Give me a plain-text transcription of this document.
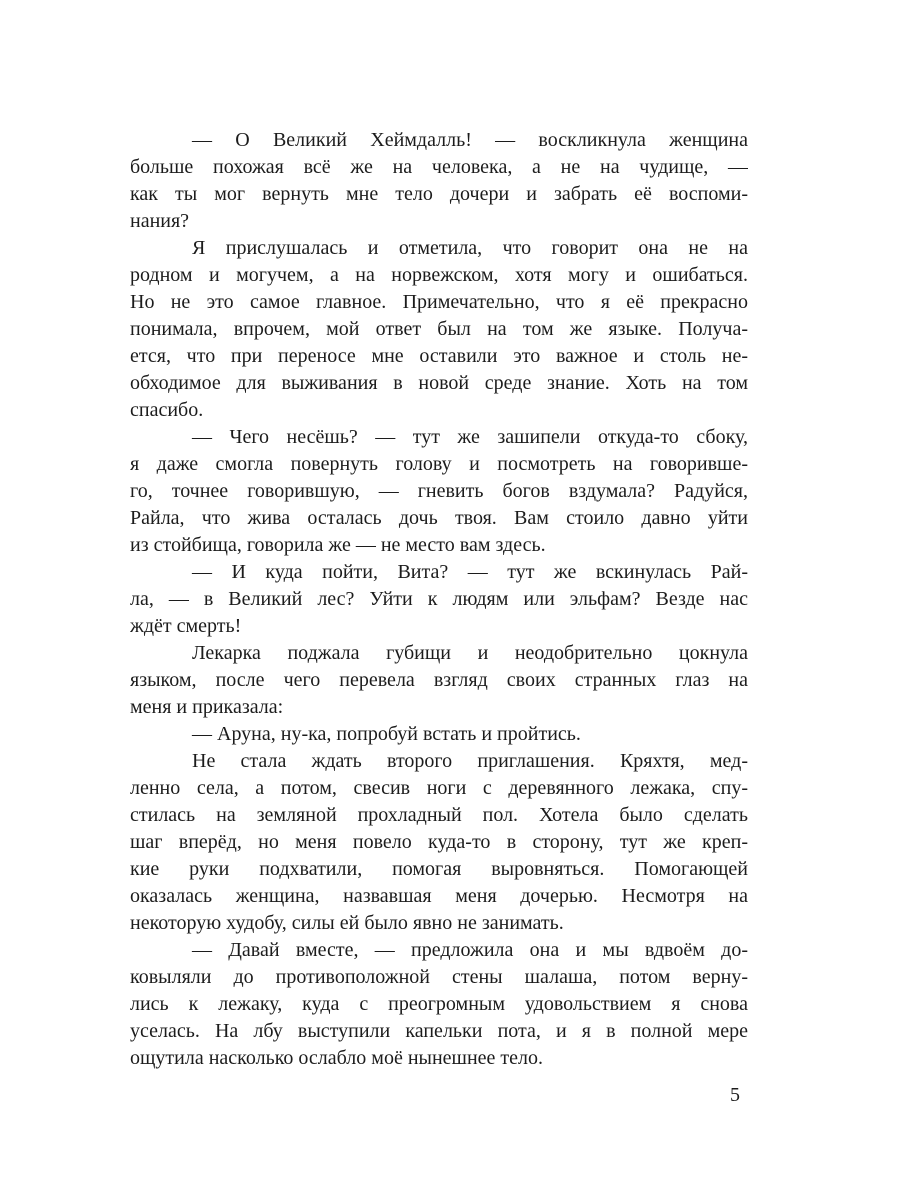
— О Великий Хеймдалль! — воскликнула женщина
больше похожая всё же на человека, а не на чудище, —
как ты мог вернуть мне тело дочери и забрать её воспоми-
нания?
Я прислушалась и отметила, что говорит она не на
родном и могучем, а на норвежском, хотя могу и ошибаться.
Но не это самое главное. Примечательно, что я её прекрасно
понимала, впрочем, мой ответ был на том же языке. Получа-
ется, что при переносе мне оставили это важное и столь не-
обходимое для выживания в новой среде знание. Хоть на том
спасибо.
— Чего несёшь? — тут же зашипели откуда-то сбоку,
я даже смогла повернуть голову и посмотреть на говоривше-
го, точнее говорившую, — гневить богов вздумала? Радуйся,
Райла, что жива осталась дочь твоя. Вам стоило давно уйти
из стойбища, говорила же — не место вам здесь.
— И куда пойти, Вита? — тут же вскинулась Рай-
ла, — в Великий лес? Уйти к людям или эльфам? Везде нас
ждёт смерть!
Лекарка поджала губищи и неодобрительно цокнула
языком, после чего перевела взгляд своих странных глаз на
меня и приказала:
— Аруна, ну-ка, попробуй встать и пройтись.
Не стала ждать второго приглашения. Кряхтя, мед-
ленно села, а потом, свесив ноги с деревянного лежака, спу-
стилась на земляной прохладный пол. Хотела было сделать
шаг вперёд, но меня повело куда-то в сторону, тут же креп-
кие руки подхватили, помогая выровняться. Помогающей
оказалась женщина, назвавшая меня дочерью. Несмотря на
некоторую худобу, силы ей было явно не занимать.
— Давай вместе, — предложила она и мы вдвоём до-
ковыляли до противоположной стены шалаша, потом верну-
лись к лежаку, куда с преогромным удовольствием я снова
уселась. На лбу выступили капельки пота, и я в полной мере
ощутила насколько ослабло моё нынешнее тело.
5
